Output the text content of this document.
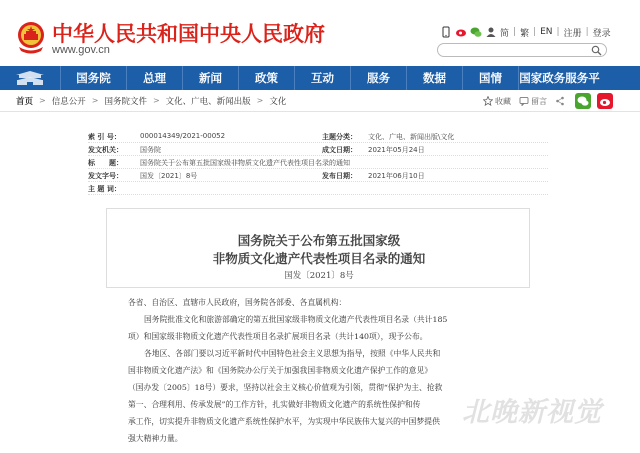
中华人民共和国中央人民政府
www.gov.cn
简 | 繁 | EN | 注册 | 登录
国务院	总理	新闻	政策	互动	服务	数据	国情	国家政务服务平
首页 > 信息公开 > 国务院文件 > 文化、广电、新闻出版 > 文化	收藏	留言
索 引 号：	000014349/2021-00052	主题分类：	文化、广电、新闻出版\文化
发文机关：	国务院	成文日期：	2021年05月24日
标　　题：	国务院关于公布第五批国家级非物质文化遗产代表性项目名录的通知
发文字号：	国发〔2021〕8号	发布日期：	2021年06月10日
主 题 词：
国务院关于公布第五批国家级
非物质文化遗产代表性项目名录的通知
国发〔2021〕8号

各省、自治区、直辖市人民政府，国务院各部委、各直属机构：

国务院批准文化和旅游部确定的第五批国家级非物质文化遗产代表性项目名录（共计185

项）和国家级非物质文化遗产代表性项目名录扩展项目名录（共计140项），现予公布。

各地区、各部门要以习近平新时代中国特色社会主义思想为指导，按照《中华人民共和

国非物质文化遗产法》和《国务院办公厅关于加强我国非物质文化遗产保护工作的意见》

（国办发〔2005〕18号）要求，坚持以社会主义核心价值观为引领，贯彻“保护为主、抢救

第一、合理利用、传承发展”的工作方针，扎实做好非物质文化遗产的系统性保护和传

承工作，切实提升非物质文化遗产系统性保护水平，为实现中华民族伟大复兴的中国梦提供

强大精神力量。

北晚新视觉
